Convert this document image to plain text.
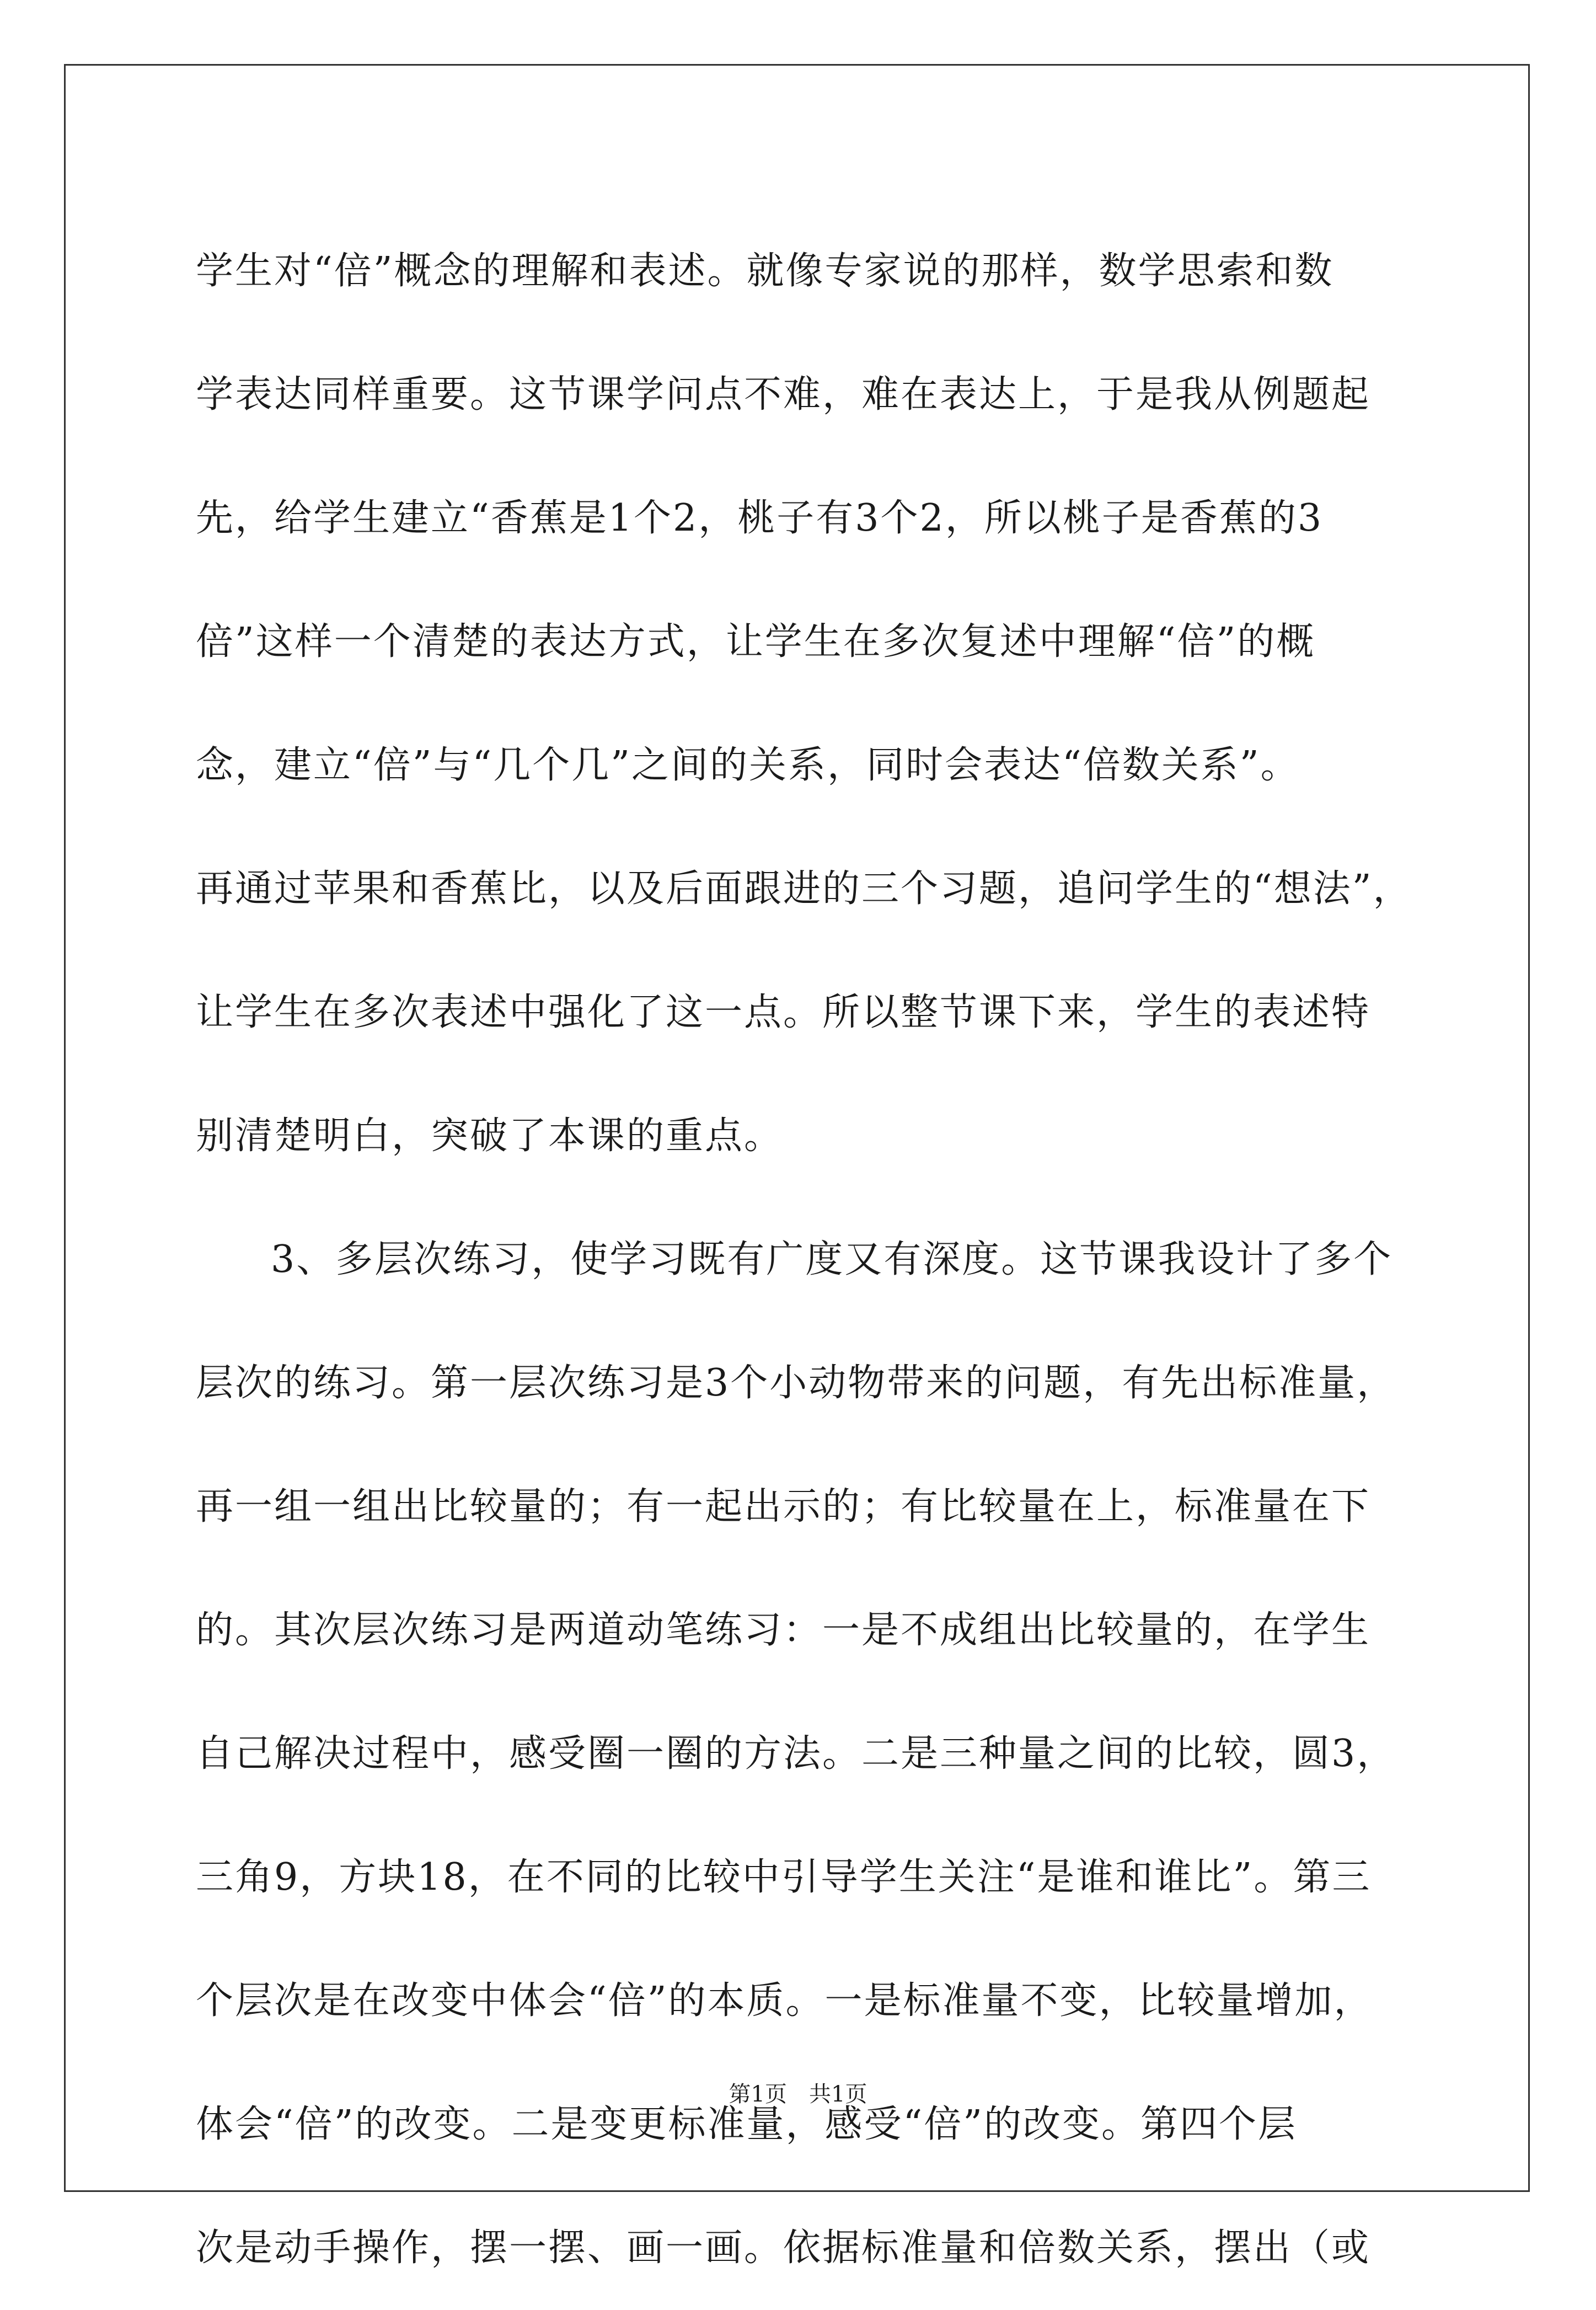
学生对“倍”概念的理解和表述。就像专家说的那样，数学思索和数
学表达同样重要。这节课学问点不难，难在表达上，于是我从例题起
先，给学生建立“香蕉是1个2，桃子有3个2，所以桃子是香蕉的3
倍”这样一个清楚的表达方式，让学生在多次复述中理解“倍”的概
念，建立“倍”与“几个几”之间的关系，同时会表达“倍数关系”。
再通过苹果和香蕉比，以及后面跟进的三个习题，追问学生的“想法”，
让学生在多次表述中强化了这一点。所以整节课下来，学生的表述特
别清楚明白，突破了本课的重点。
3、多层次练习，使学习既有广度又有深度。这节课我设计了多个
层次的练习。第一层次练习是3个小动物带来的问题，有先出标准量，
再一组一组出比较量的；有一起出示的；有比较量在上，标准量在下
的。其次层次练习是两道动笔练习：一是不成组出比较量的，在学生
自己解决过程中，感受圈一圈的方法。二是三种量之间的比较，圆3，
三角9，方块18，在不同的比较中引导学生关注“是谁和谁比”。第三
个层次是在改变中体会“倍”的本质。一是标准量不变，比较量增加，
体会“倍”的改变。二是变更标准量，感受“倍”的改变。第四个层
次是动手操作，摆一摆、画一画。依据标准量和倍数关系，摆出（或
第1页　共1页
